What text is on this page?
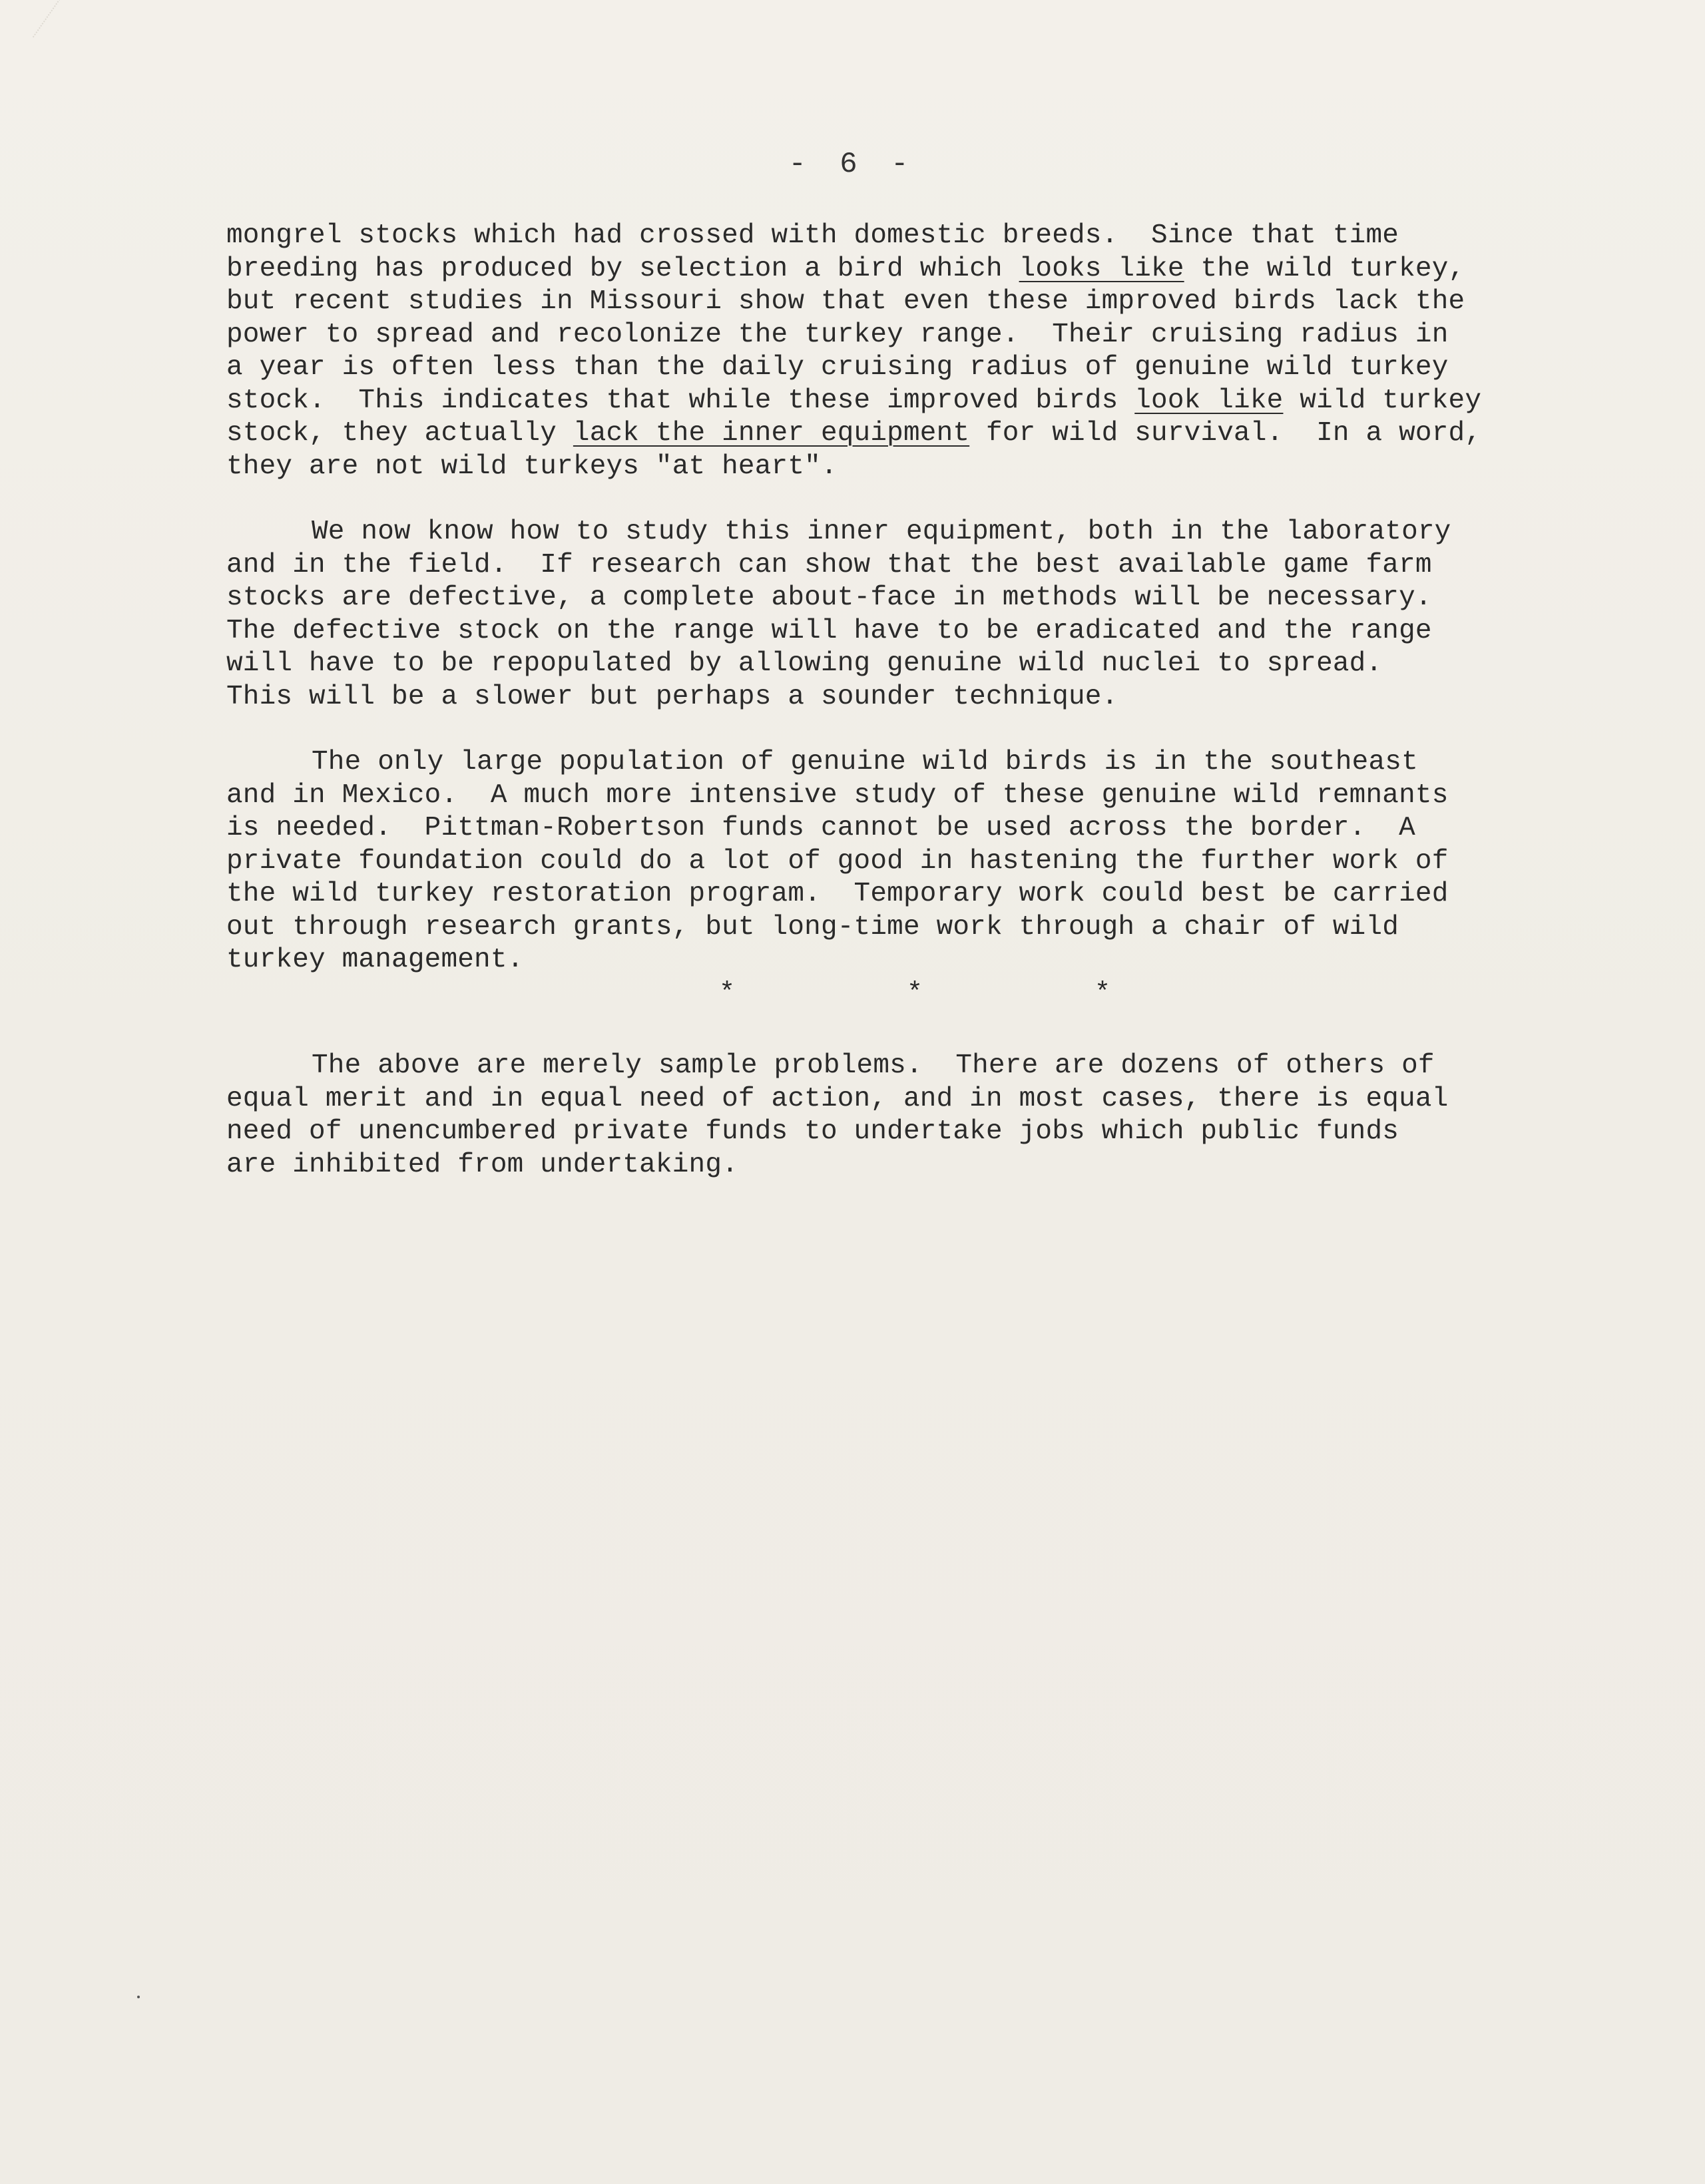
- 6 -
mongrel stocks which had crossed with domestic breeds.  Since that time
breeding has produced by selection a bird which looks like the wild turkey,
but recent studies in Missouri show that even these improved birds lack the
power to spread and recolonize the turkey range.  Their cruising radius in
a year is often less than the daily cruising radius of genuine wild turkey
stock.  This indicates that while these improved birds look like wild turkey
stock, they actually lack the inner equipment for wild survival.  In a word,
they are not wild turkeys "at heart".
We now know how to study this inner equipment, both in the laboratory
and in the field.  If research can show that the best available game farm
stocks are defective, a complete about-face in methods will be necessary.
The defective stock on the range will have to be eradicated and the range
will have to be repopulated by allowing genuine wild nuclei to spread.
This will be a slower but perhaps a sounder technique.
The only large population of genuine wild birds is in the southeast
and in Mexico.  A much more intensive study of these genuine wild remnants
is needed.  Pittman-Robertson funds cannot be used across the border.  A
private foundation could do a lot of good in hastening the further work of
the wild turkey restoration program.  Temporary work could best be carried
out through research grants, but long-time work through a chair of wild
turkey management.
*  *  *
The above are merely sample problems.  There are dozens of others of
equal merit and in equal need of action, and in most cases, there is equal
need of unencumbered private funds to undertake jobs which public funds
are inhibited from undertaking.
